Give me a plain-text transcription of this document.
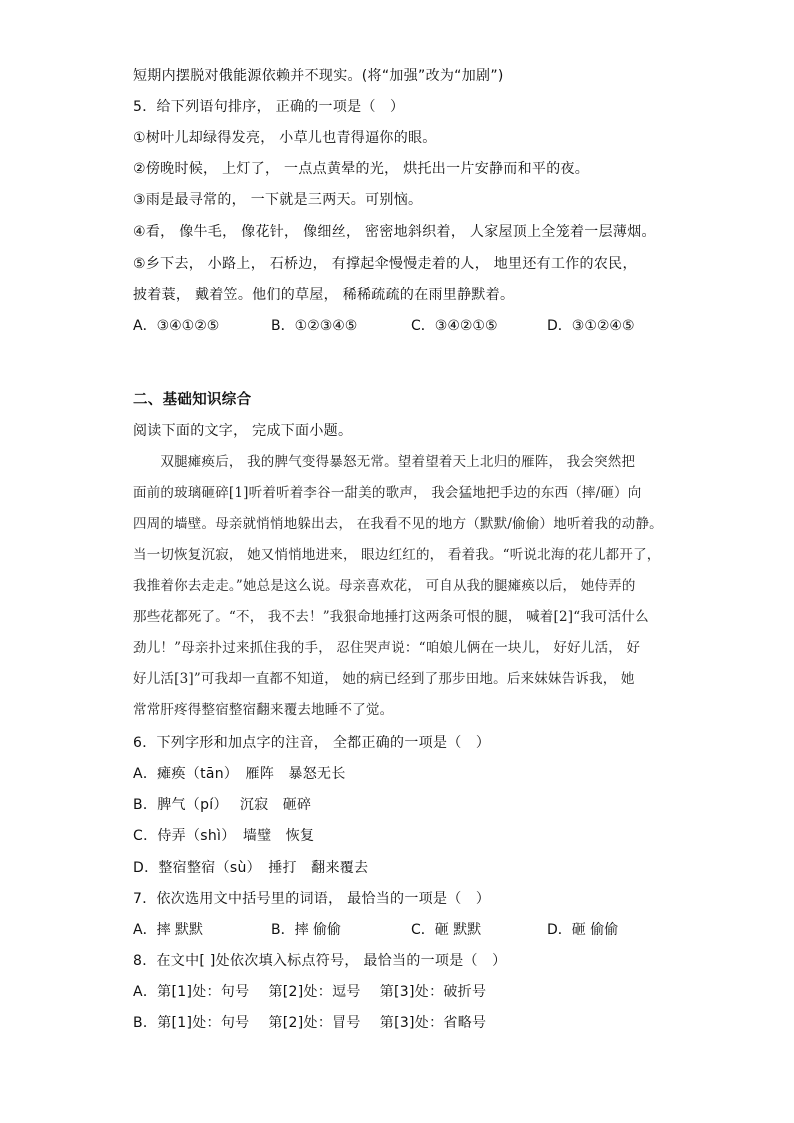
短期内摆脱对俄能源依赖并不现实。(将“加强”改为“加剧”)
5．给下列语句排序， 正确的一项是（　）
①树叶儿却绿得发亮， 小草儿也青得逼你的眼。
②傍晚时候， 上灯了， 一点点黄晕的光， 烘托出一片安静而和平的夜。
③雨是最寻常的， 一下就是三两天。可别恼。
④看， 像牛毛， 像花针， 像细丝， 密密地斜织着， 人家屋顶上全笼着一层薄烟。
⑤乡下去， 小路上， 石桥边， 有撑起伞慢慢走着的人， 地里还有工作的农民，
披着蓑， 戴着笠。他们的草屋， 稀稀疏疏的在雨里静默着。
A．③④①②⑤	B．①②③④⑤	C．③④②①⑤	D．③①②④⑤
二、基础知识综合
阅读下面的文字， 完成下面小题。
　　双腿瘫痪后， 我的脾气变得暴怒无常。望着望着天上北归的雁阵， 我会突然把
面前的玻璃砸碎[1]听着听着李谷一甜美的歌声， 我会猛地把手边的东西（摔/砸）向
四周的墙壁。母亲就悄悄地躲出去， 在我看不见的地方（默默/偷偷）地听着我的动静。
当一切恢复沉寂， 她又悄悄地进来， 眼边红红的， 看着我。“听说北海的花儿都开了，
我推着你去走走。”她总是这么说。母亲喜欢花， 可自从我的腿瘫痪以后， 她侍弄的
那些花都死了。“不， 我不去！”我狠命地捶打这两条可恨的腿， 喊着[2]“我可活什么
劲儿！”母亲扑过来抓住我的手， 忍住哭声说：“咱娘儿俩在一块儿， 好好儿活， 好
好儿活[3]”可我却一直都不知道， 她的病已经到了那步田地。后来妹妹告诉我， 她
常常肝疼得整宿整宿翻来覆去地睡不了觉。
6．下列字形和加点字的注音， 全都正确的一项是（　）
A．瘫痪（tān）　雁阵　暴怒无长
B．脾气（pí）　 沉寂　砸碎
C．侍弄（shì）　墙璧　恢复
D．整宿整宿（sù）　捶打　翻来覆去
7．依次选用文中括号里的词语， 最恰当的一项是（　）
A．摔 默默	B．摔 偷偷	C．砸 默默	D．砸 偷偷
8．在文中[ ]处依次填入标点符号， 最恰当的一项是（　）
A．第[1]处：句号　 第[2]处：逗号　 第[3]处：破折号
B．第[1]处：句号　 第[2]处：冒号　 第[3]处：省略号
